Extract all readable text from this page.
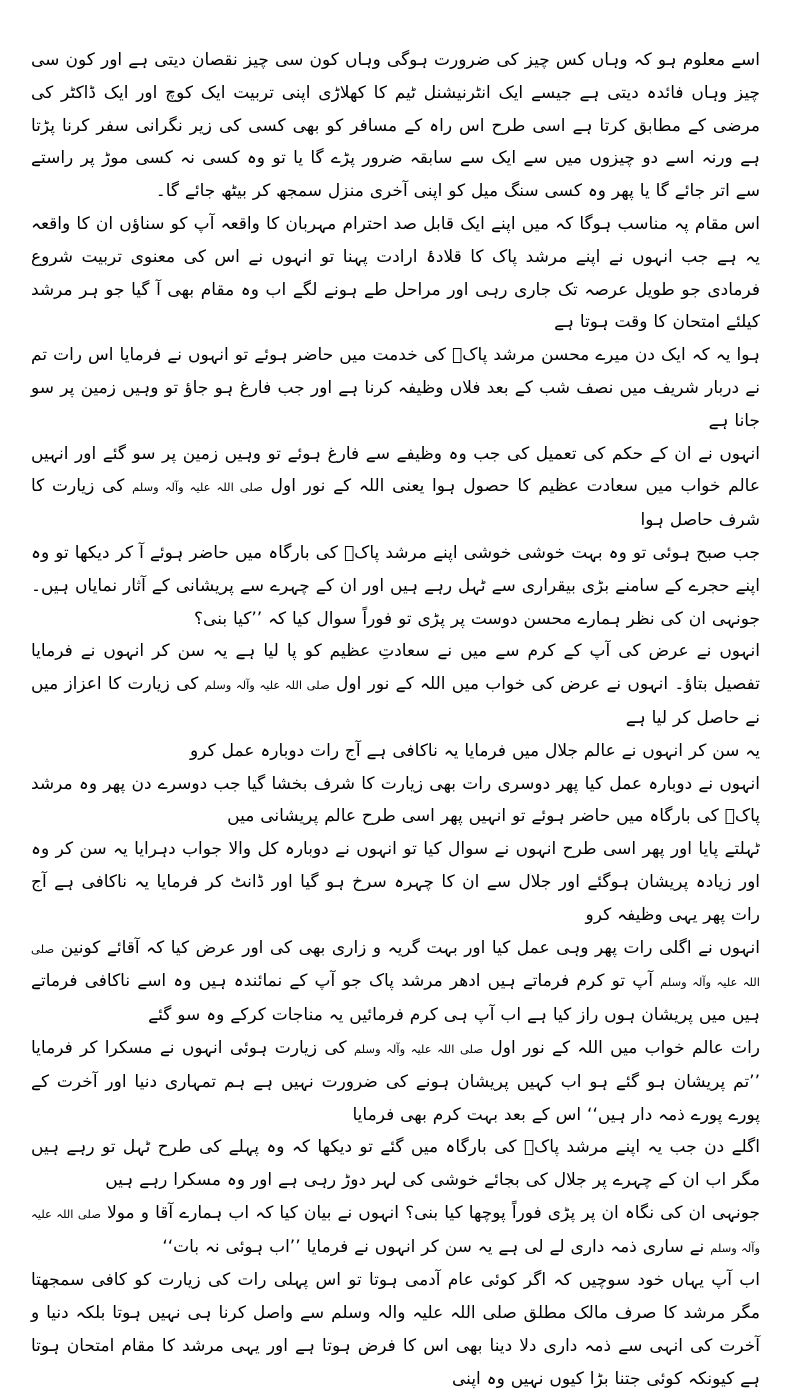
اسے معلوم ہو کہ وہاں کس چیز کی ضرورت ہوگی وہاں کون سی چیز نقصان دیتی ہے اور کون سی چیز وہاں فائدہ دیتی ہے جیسے ایک انٹرنیشنل ٹیم کا کھلاڑی اپنی تربیت ایک کوچ اور ایک ڈاکٹر کی مرضی کے مطابق کرتا ہے اسی طرح اس راہ کے مسافر کو بھی کسی کی زیر نگرانی سفر کرنا پڑتا ہے ورنہ اسے دو چیزوں میں سے ایک سے سابقہ ضرور پڑے گا یا تو وہ کسی نہ کسی موڑ پر راستے سے اتر جائے گا یا پھر وہ کسی سنگ میل کو اپنی آخری منزل سمجھ کر بیٹھ جائے گا۔

اس مقام پہ مناسب ہوگا کہ میں اپنے ایک قابل صد احترام مہربان کا واقعہ آپ کو سناؤں ان کا واقعہ یہ ہے جب انہوں نے اپنے مرشد پاک کا قلادۂ ارادت پہنا تو انہوں نے اس کی معنوی تربیت شروع فرمادی جو طویل عرصہ تک جاری رہی اور مراحل طے ہونے لگے اب وہ مقام بھی آ گیا جو ہر مرشد کیلئے امتحان کا وقت ہوتا ہے

ہوا یہ کہ ایک دن میرے محسن مرشد پاکؒ کی خدمت میں حاضر ہوئے تو انہوں نے فرمایا اس رات تم نے دربار شریف میں نصف شب کے بعد فلاں وظیفہ کرنا ہے اور جب فارغ ہو جاؤ تو وہیں زمین پر سو جانا ہے

انہوں نے ان کے حکم کی تعمیل کی جب وہ وظیفے سے فارغ ہوئے تو وہیں زمین پر سو گئے اور انہیں عالم خواب میں سعادت عظیم کا حصول ہوا یعنی اللہ کے نور اول صلی اللہ علیہ وآلہ وسلم کی زیارت کا شرف حاصل ہوا

جب صبح ہوئی تو وہ بہت خوشی خوشی اپنے مرشد پاکؒ کی بارگاہ میں حاضر ہوئے آ کر دیکھا تو وہ اپنے حجرے کے سامنے بڑی بیقراری سے ٹہل رہے ہیں اور ان کے چہرے سے پریشانی کے آثار نمایاں ہیں۔ جونہی ان کی نظر ہمارے محسن دوست پر پڑی تو فوراً سوال کیا کہ ’’کیا بنی؟

انہوں نے عرض کی آپ کے کرم سے میں نے سعادتِ عظیم کو پا لیا ہے یہ سن کر انہوں نے فرمایا تفصیل بتاؤ۔ انہوں نے عرض کی خواب میں اللہ کے نور اول صلی اللہ علیہ وآلہ وسلم کی زیارت کا اعزاز میں نے حاصل کر لیا ہے

یہ سن کر انہوں نے عالم جلال میں فرمایا یہ ناکافی ہے آج رات دوبارہ عمل کرو

انہوں نے دوبارہ عمل کیا پھر دوسری رات بھی زیارت کا شرف بخشا گیا جب دوسرے دن پھر وہ مرشد پاکؒ کی بارگاہ میں حاضر ہوئے تو انہیں پھر اسی طرح عالم پریشانی میں

ٹہلتے پایا اور پھر اسی طرح انہوں نے سوال کیا تو انہوں نے دوبارہ کل والا جواب دہرایا یہ سن کر وہ اور زیادہ پریشان ہوگئے اور جلال سے ان کا چہرہ سرخ ہو گیا اور ڈانٹ کر فرمایا یہ ناکافی ہے آج رات پھر یہی وظیفہ کرو

انہوں نے اگلی رات پھر وہی عمل کیا اور بہت گریہ و زاری بھی کی اور عرض کیا کہ آقائے کونین صلی اللہ علیہ وآلہ وسلم آپ تو کرم فرماتے ہیں ادھر مرشد پاک جو آپ کے نمائندہ ہیں وہ اسے ناکافی فرماتے ہیں میں پریشان ہوں راز کیا ہے اب آپ ہی کرم فرمائیں یہ مناجات کرکے وہ سو گئے

رات عالم خواب میں اللہ کے نور اول صلی اللہ علیہ وآلہ وسلم کی زیارت ہوئی انہوں نے مسکرا کر فرمایا ’’تم پریشان ہو گئے ہو اب کہیں پریشان ہونے کی ضرورت نہیں ہے ہم تمہاری دنیا اور آخرت کے پورے پورے ذمہ دار ہیں‘‘ اس کے بعد بہت کرم بھی فرمایا

اگلے دن جب یہ اپنے مرشد پاکؒ کی بارگاہ میں گئے تو دیکھا کہ وہ پہلے کی طرح ٹہل تو رہے ہیں مگر اب ان کے چہرے پر جلال کی بجائے خوشی کی لہر دوڑ رہی ہے اور وہ مسکرا رہے ہیں

جونہی ان کی نگاہ ان پر پڑی فوراً پوچھا کیا بنی؟ انہوں نے بیان کیا کہ اب ہمارے آقا و مولا صلی اللہ علیہ وآلہ وسلم نے ساری ذمہ داری لے لی ہے یہ سن کر انہوں نے فرمایا ’’اب ہوئی نہ بات‘‘

اب آپ یہاں خود سوچیں کہ اگر کوئی عام آدمی ہوتا تو اس پہلی رات کی زیارت کو کافی سمجھتا مگر مرشد کا صرف مالک مطلق صلی اللہ علیہ والہ وسلم سے واصل کرنا ہی نہیں ہوتا بلکہ دنیا و آخرت کی انہی سے ذمہ داری دلا دینا بھی اس کا فرض ہوتا ہے اور یہی مرشد کا مقام امتحان ہوتا ہے کیونکہ کوئی جتنا بڑا کیوں نہیں وہ اپنی
